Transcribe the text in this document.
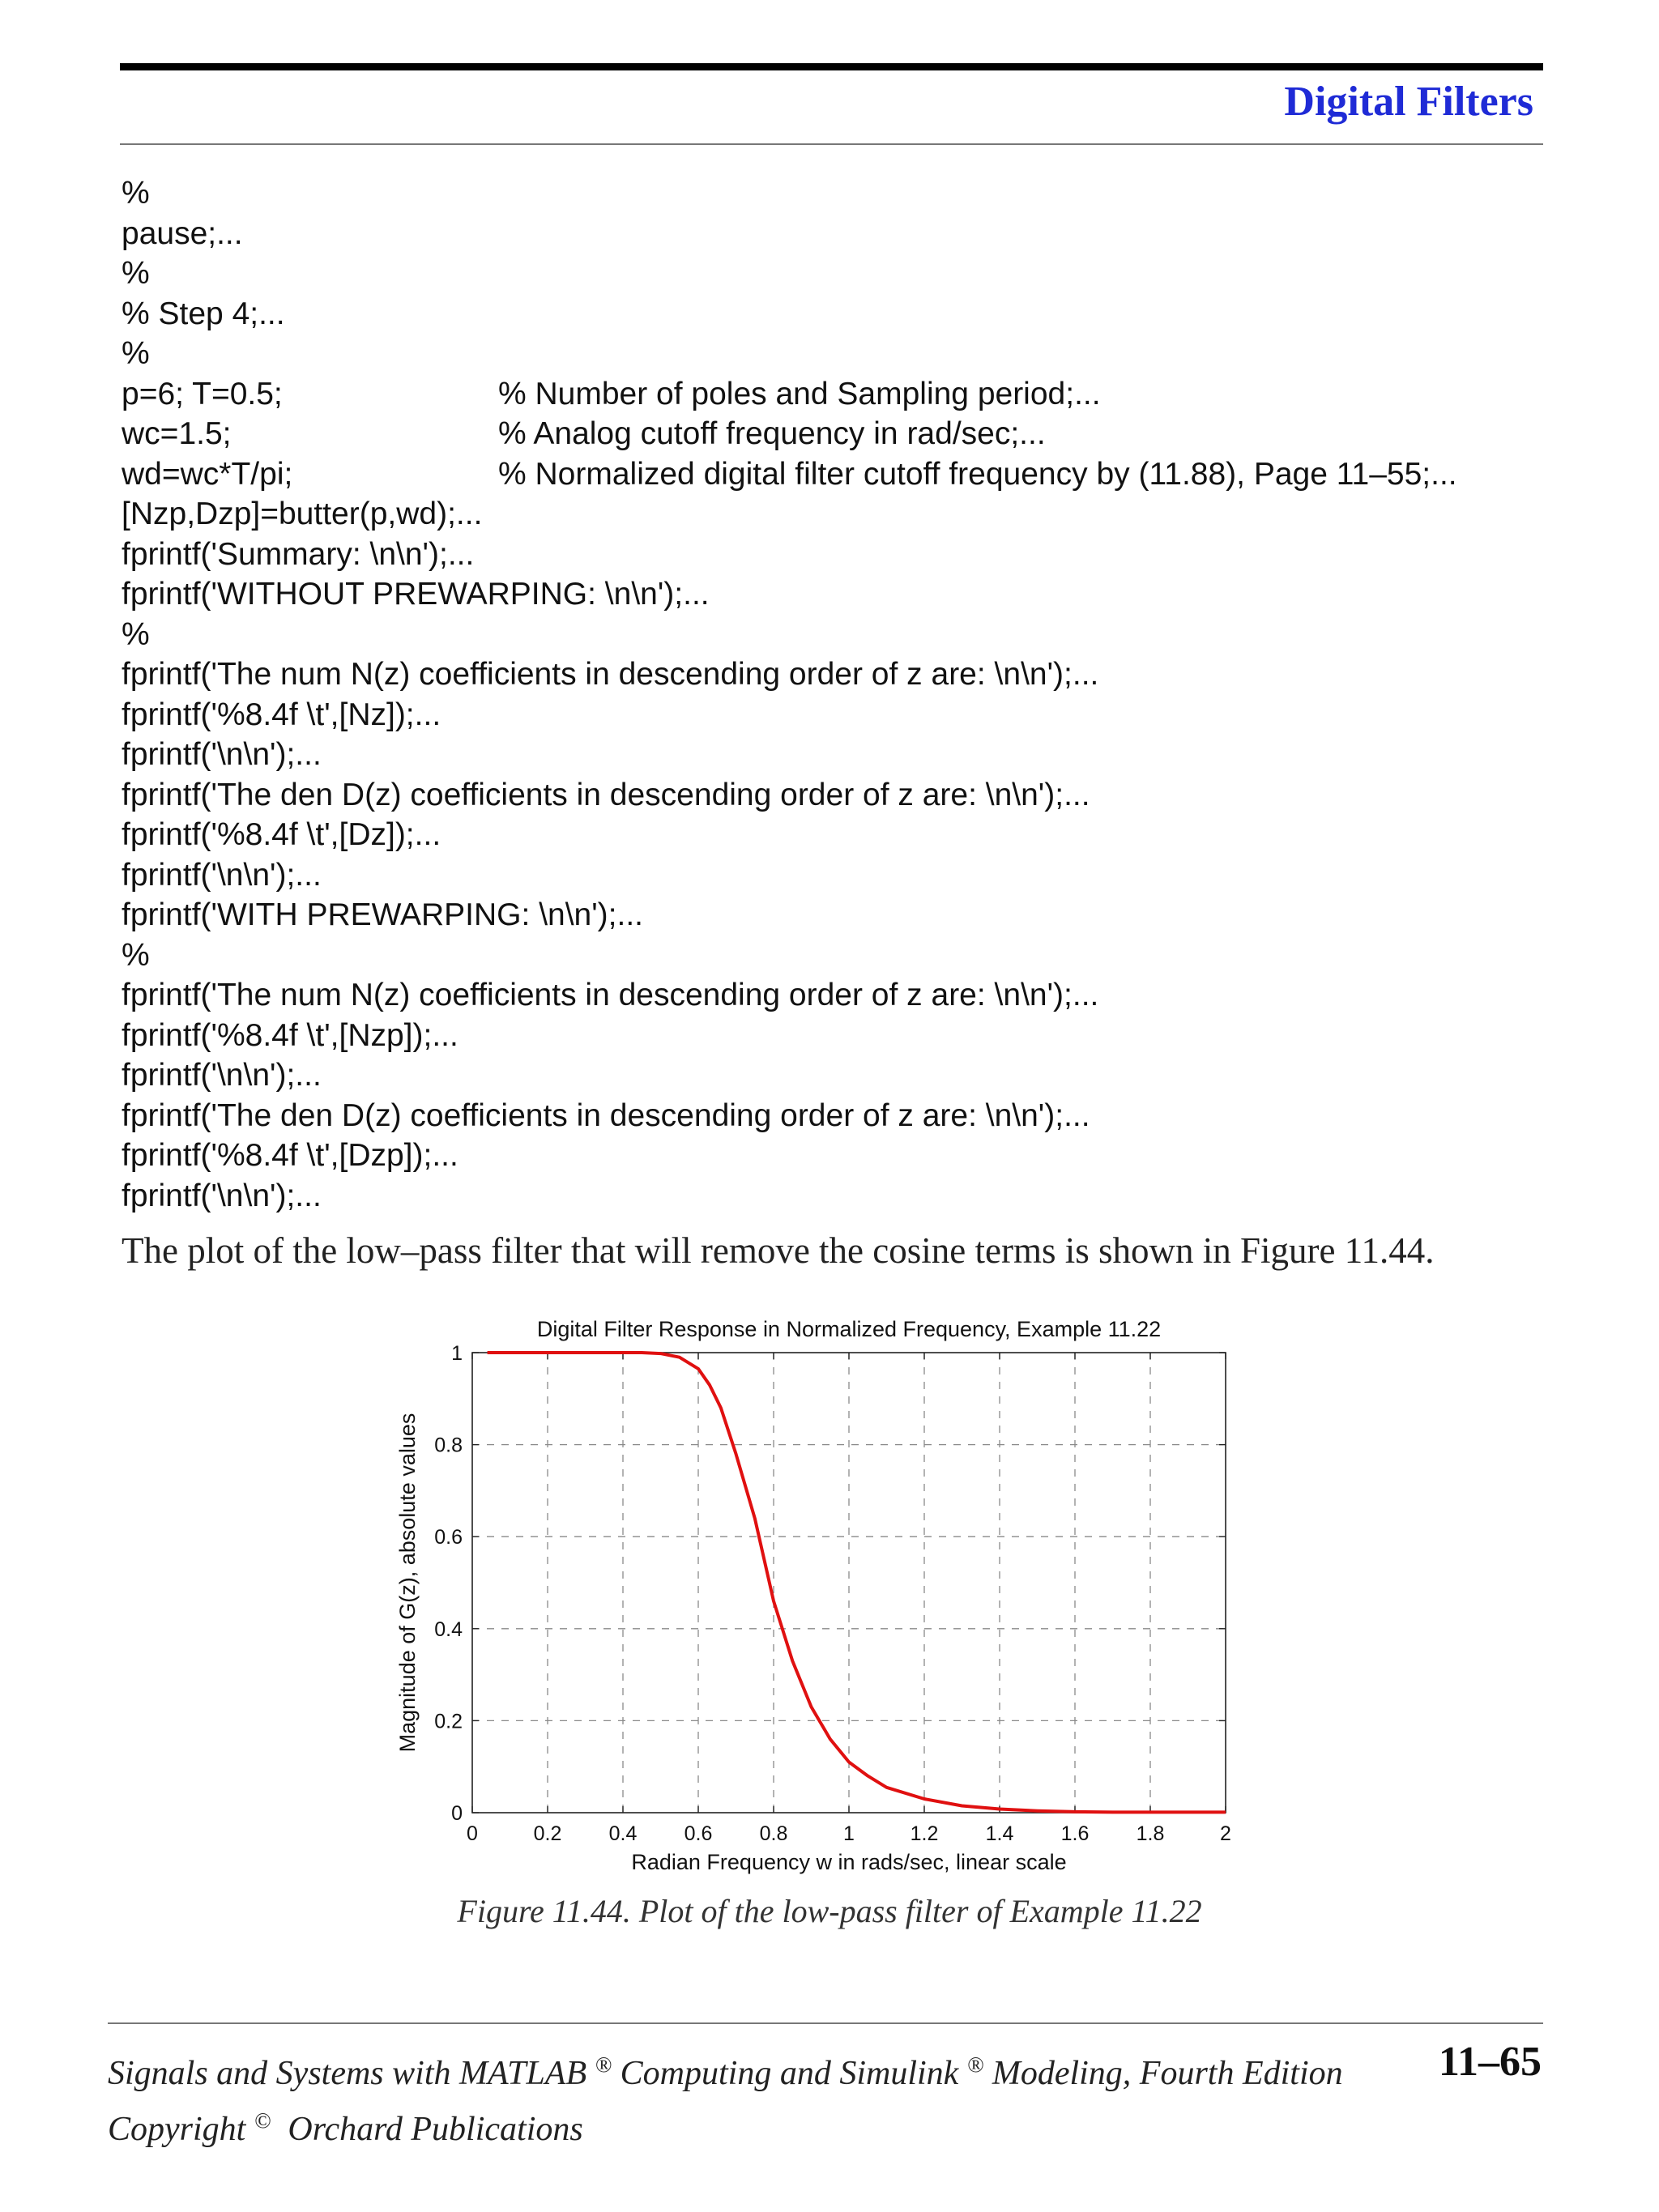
Digital Filters
%
pause;...
%
% Step 4;...
%
p=6; T=0.5;	% Number of poles and Sampling period;...
wc=1.5;	% Analog cutoff frequency in rad/sec;...
wd=wc*T/pi;	% Normalized digital filter cutoff frequency by (11.88), Page 11–55;...
[Nzp,Dzp]=butter(p,wd);...
fprintf('Summary: \n\n');...
fprintf('WITHOUT PREWARPING: \n\n');...
%
fprintf('The num N(z) coefficients in descending order of z are: \n\n');...
fprintf('%8.4f \t',[Nz]);...
fprintf('\n\n');...
fprintf('The den D(z) coefficients in descending order of z are: \n\n');...
fprintf('%8.4f \t',[Dz]);...
fprintf('\n\n');...
fprintf('WITH PREWARPING: \n\n');...
%
fprintf('The num N(z) coefficients in descending order of z are: \n\n');...
fprintf('%8.4f \t',[Nzp]);...
fprintf('\n\n');...
fprintf('The den D(z) coefficients in descending order of z are: \n\n');...
fprintf('%8.4f \t',[Dzp]);...
fprintf('\n\n');...
The plot of the low–pass filter that will remove the cosine terms is shown in Figure 11.44.
0	0.2 0.4 0.6 0.8	1	1.2 1.4 1.6 1.8	2
0
0.2
0.4
0.6
0.8
1
Digital Filter Response in Normalized Frequency, Example 11.22
Radian Frequency w in rads/sec, linear scale
Magnitude of G(z), absolute values
Figure 11.44. Plot of the low-pass filter of Example 11.22
Signals and Systems with MATLAB ® Computing and Simulink ® Modeling, Fourth Edition
Copyright ©  Orchard Publications
11–65
